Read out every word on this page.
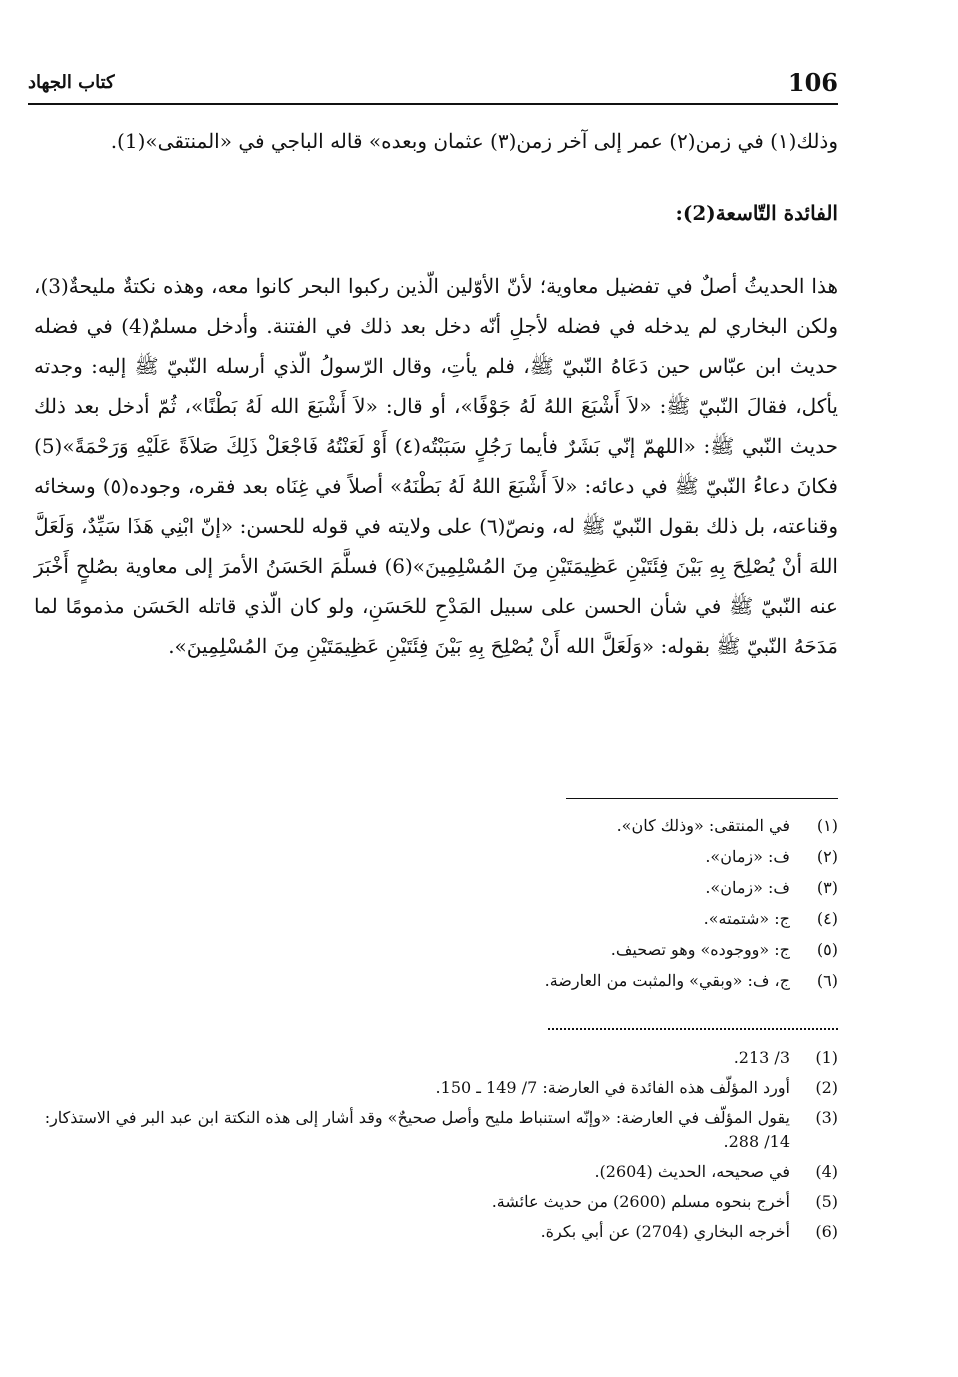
106
كتاب الجهاد

وذلك(١) في زمن(٢) عمر إلى آخر زمن(٣) عثمان وبعده» قاله الباجي في «المنتقى»(1).

الفائدة التّاسعة(2):

هذا الحديثُ أصلٌ في تفضيل معاوية؛ لأنّ الأوّلين الّذين ركبوا البحر كانوا معه، وهذه نكتةٌ مليحةٌ(3)، ولكن البخاري لم يدخله في فضله لأجلِ أنّه دخل بعد ذلك في الفتنة. وأدخل مسلمٌ(4) في فضله حديث ابن عبّاس حين دَعَاهُ النّبيّ ﷺ، فلم يأتِ، وقال الرّسولُ الّذي أرسله النّبيّ ﷺ إليه: وجدته يأكل، فقالَ النّبيّ ﷺ: «لاَ أَشْبَعَ اللهُ لَهُ جَوْفًا»، أو قال: «لاَ أَشْبَعَ الله لَهُ بَطْنًا»، ثُمّ أدخل بعد ذلك حديث النّبي ﷺ: «اللهمّ إنّي بَشَرٌ فأيما رَجُلٍ سَبَبْتُه(٤) أَوْ لَعَنْتُهُ فَاجْعَلْ ذَلِكَ صَلاَةً عَلَيْهِ وَرَحْمَةً»(5) فكانَ دعاءُ النّبيّ ﷺ في دعائه: «لاَ أَشْبَعَ اللهُ لَهُ بَطْنَهُ» أصلاً في غِنَاه بعد فقره، وجوده(٥) وسخائه وقناعته، بل ذلك بقول النّبيّ ﷺ له، ونصّ(٦) على ولايته في قوله للحسن: «إنّ ابْنِي هَذَا سَيِّدٌ، وَلَعَلَّ اللهَ أنْ يُصْلِحَ بِهِ بَيْنَ فِئَتَيْنِ عَظِيمَتَيْنِ مِنَ المُسْلِمِينَ»(6) فسلَّمَ الحَسَنُ الأمرَ إلى معاوية بصُلحٍ أَخْبَرَ عنه النّبيّ ﷺ في شأن الحسن على سبيل المَدْحِ للحَسَنِ، ولو كان الّذي قاتله الحَسَن مذمومًا لما مَدَحَهُ النّبيّ ﷺ بقوله: «وَلَعَلَّ الله أَنْ يُصْلِحَ بِهِ بَيْنَ فِئَتَيْنِ عَظِيمَتَيْنِ مِنَ المُسْلِمِينَ».

(١)
في المنتقى: «وذلك كان».
(٢)
ف: «زمان».
(٣)
ف: «زمان».
(٤)
ج: «شتمته».
(٥)
ج: «ووجوده» وهو تصحيف.
(٦)
ج، ف: «وبقي» والمثبت من العارضة.
(1)
3/ 213.
(2)
أورد المؤلّف هذه الفائدة في العارضة: 7/ 149 ـ 150.
(3)
يقول المؤلّف في العارضة: «وإنّه استنباط مليح وأصل صحيحٌ» وقد أشار إلى هذه النكتة ابن عبد البر في الاستذكار: 14/ 288.
(4)
في صحيحه، الحديث (2604).
(5)
أخرج بنحوه مسلم (2600) من حديث عائشة.
(6)
أخرجه البخاري (2704) عن أبي بكرة.
